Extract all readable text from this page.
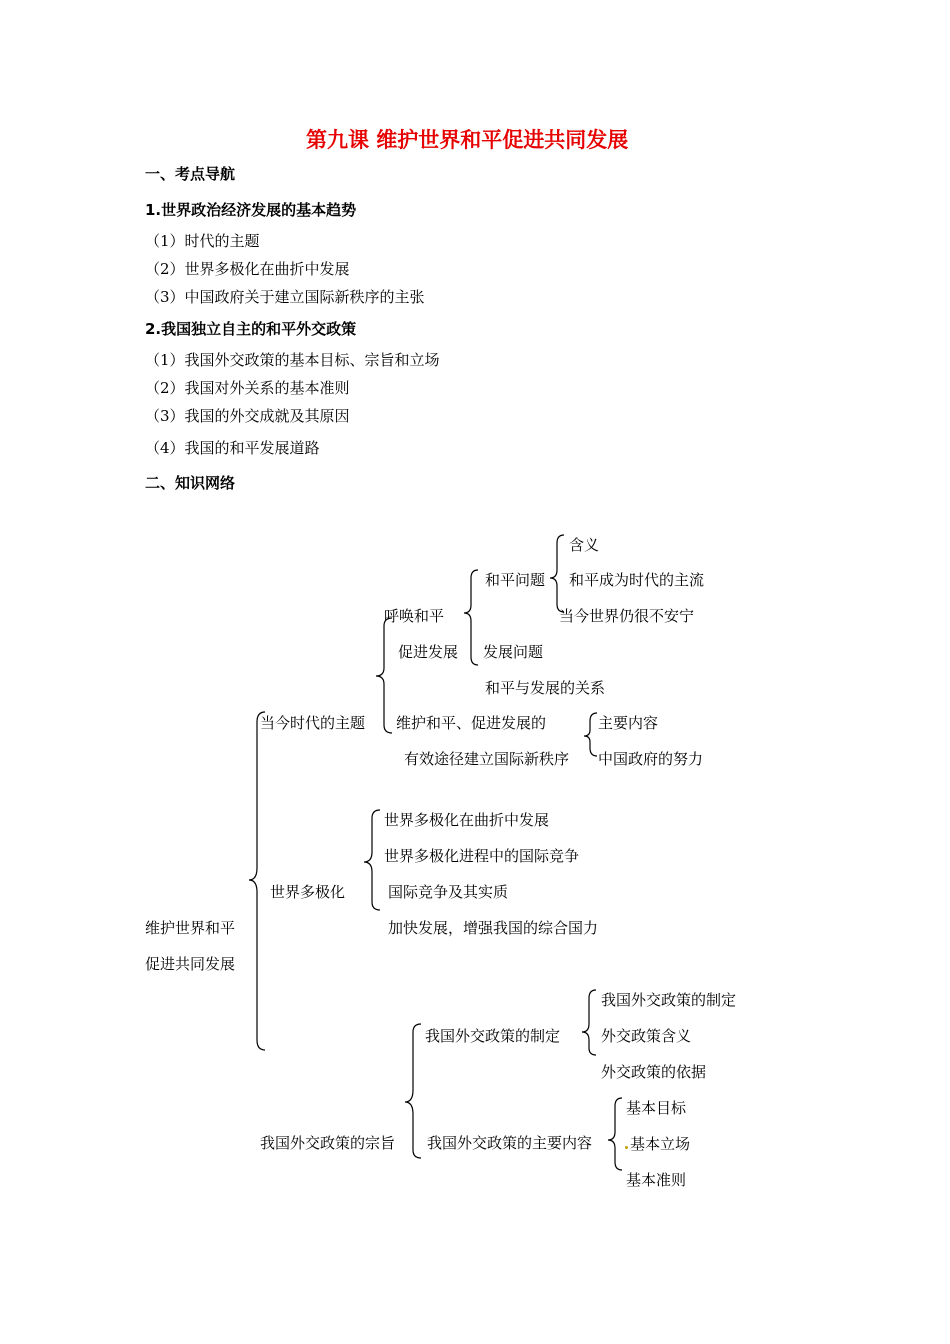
第九课 维护世界和平促进共同发展
一、考点导航
1.世界政治经济发展的基本趋势
（1）时代的主题
（2）世界多极化在曲折中发展
（3）中国政府关于建立国际新秩序的主张
2.我国独立自主的和平外交政策
（1）我国外交政策的基本目标、宗旨和立场
（2）我国对外关系的基本准则
（3）我国的外交成就及其原因
（4）我国的和平发展道路
二、知识网络
维护世界和平
促进共同发展
当今时代的主题
呼唤和平
促进发展
和平问题
含义
和平成为时代的主流
当今世界仍很不安宁
发展问题
和平与发展的关系
维护和平、促进发展的
有效途径建立国际新秩序
主要内容
中国政府的努力
世界多极化
世界多极化在曲折中发展
世界多极化进程中的国际竞争
国际竞争及其实质
加快发展，增强我国的综合国力
我国外交政策的宗旨
我国外交政策的制定
我国外交政策的制定
外交政策含义
外交政策的依据
我国外交政策的主要内容
基本目标
基本立场
基本准则
